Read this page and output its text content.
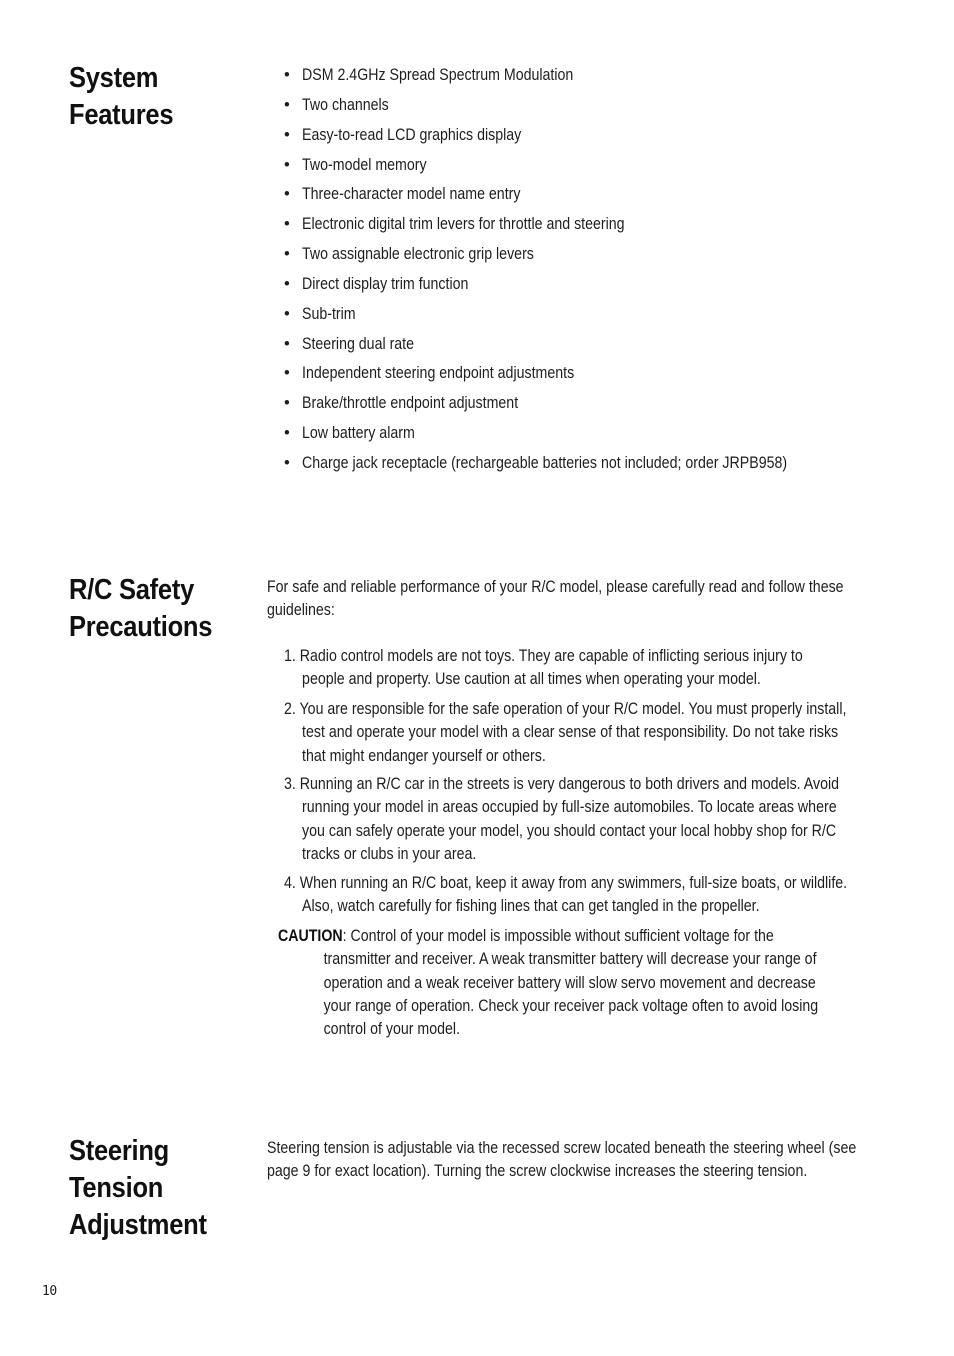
System
Features
• DSM 2.4GHz Spread Spectrum Modulation
• Two channels
• Easy-to-read LCD graphics display
• Two-model memory
• Three-character model name entry
• Electronic digital trim levers for throttle and steering
• Two assignable electronic grip levers
• Direct display trim function
• Sub-trim
• Steering dual rate
• Independent steering endpoint adjustments
• Brake/throttle endpoint adjustment
• Low battery alarm
• Charge jack receptacle (rechargeable batteries not included; order JRPB958)
R/C Safety
Precautions
For safe and reliable performance of your R/C model, please carefully read and follow these
guidelines:
1. Radio control models are not toys. They are capable of inflicting serious injury to
people and property. Use caution at all times when operating your model.
2. You are responsible for the safe operation of your R/C model. You must properly install,
test and operate your model with a clear sense of that responsibility. Do not take risks
that might endanger yourself or others.
3. Running an R/C car in the streets is very dangerous to both drivers and models. Avoid
running your model in areas occupied by full-size automobiles. To locate areas where
you can safely operate your model, you should contact your local hobby shop for R/C
tracks or clubs in your area.
4. When running an R/C boat, keep it away from any swimmers, full-size boats, or wildlife.
Also, watch carefully for fishing lines that can get tangled in the propeller.
CAUTION: Control of your model is impossible without sufficient voltage for the
transmitter and receiver. A weak transmitter battery will decrease your range of
operation and a weak receiver battery will slow servo movement and decrease
your range of operation. Check your receiver pack voltage often to avoid losing
control of your model.
Steering
Tension
Adjustment
Steering tension is adjustable via the recessed screw located beneath the steering wheel (see
page 9 for exact location). Turning the screw clockwise increases the steering tension.
10
